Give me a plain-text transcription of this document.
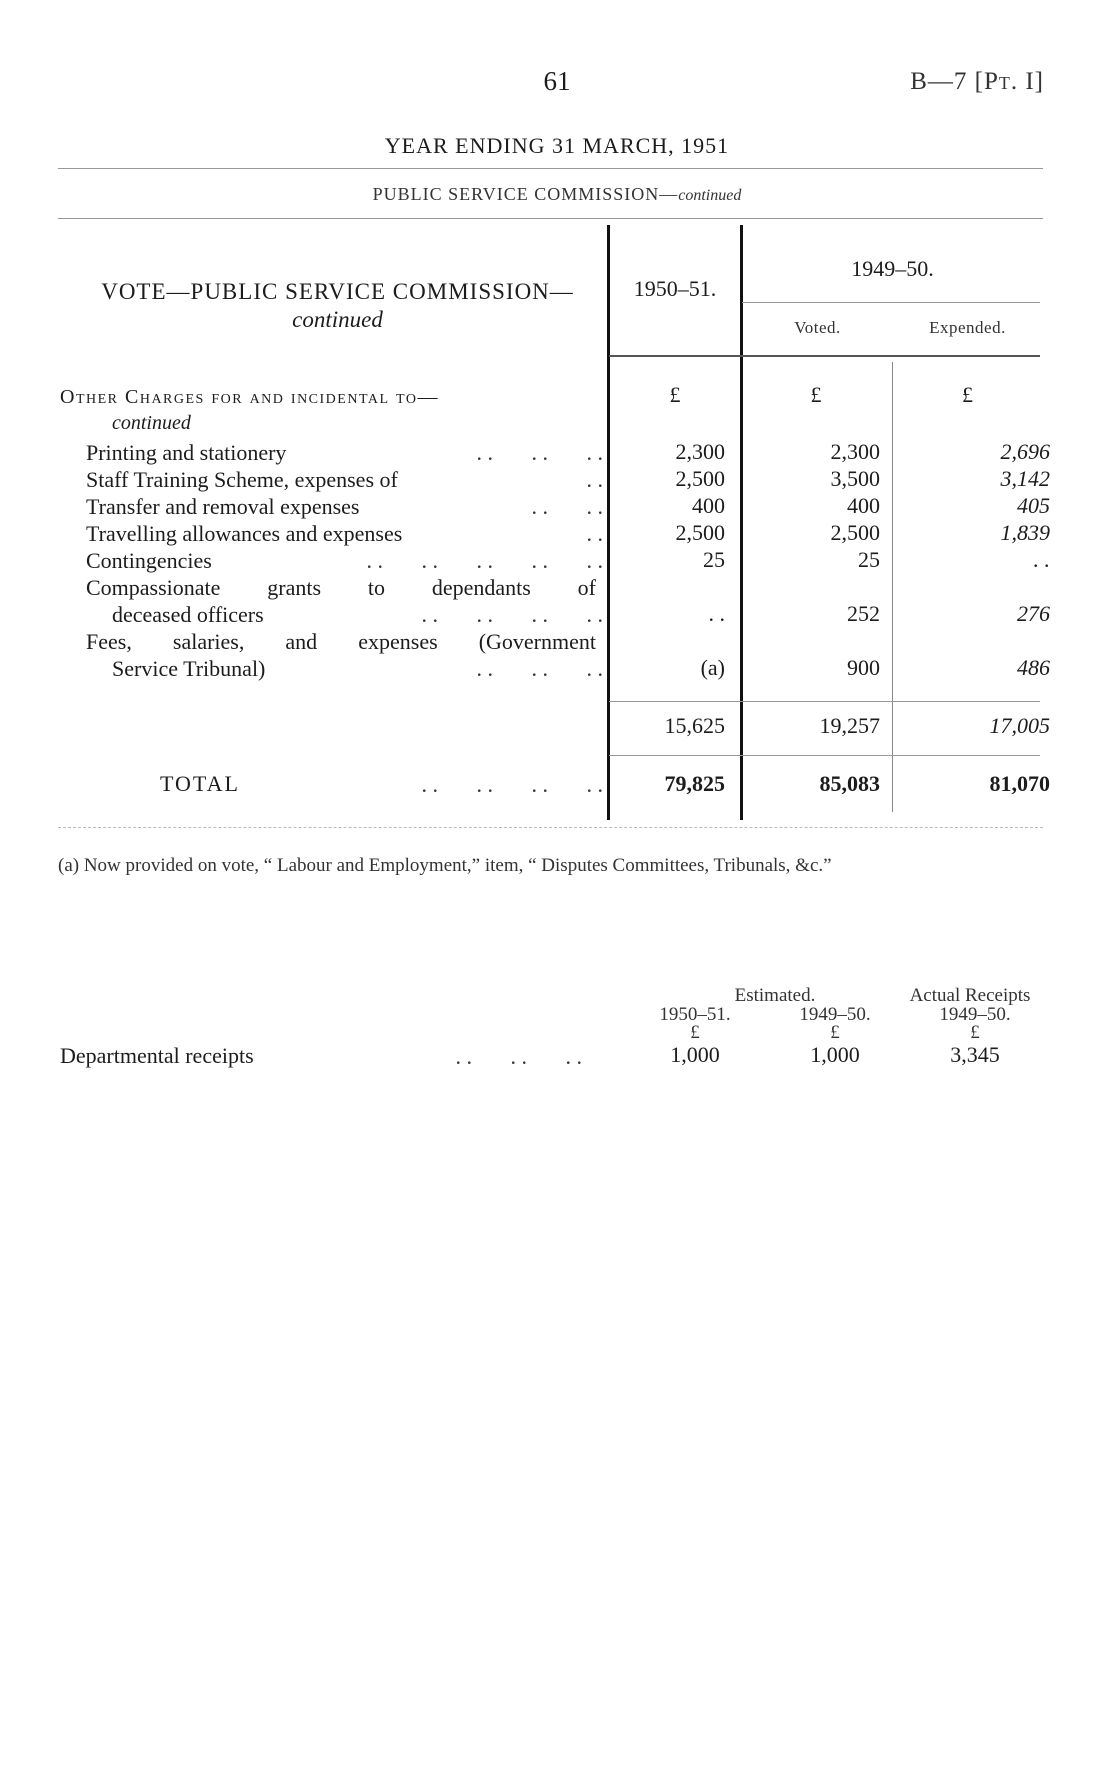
61	B—7 [Pt. I]
YEAR ENDING 31 MARCH, 1951
PUBLIC SERVICE COMMISSION—continued
VOTE—PUBLIC SERVICE COMMISSION—
continued
1950–51.
1949–50.
Voted.	Expended.
£	£	£
Other Charges for and incidental to—
continued
Printing and stationery	. .       . .       . .	2,300	2,300	2,696
Staff Training Scheme, expenses of	. .	2,500	3,500	3,142
Transfer and removal expenses	. .       . .	400	400	405
Travelling allowances and expenses	. .	2,500	2,500	1,839
Contingencies	. .       . .       . .       . .       . .	25	25	. .
Compassionate grants to dependants of
deceased officers	. .       . .       . .       . .	. .	252	276
Fees, salaries, and expenses (Government
Service Tribunal)	. .       . .       . .	(a)	900	486
15,625	19,257	17,005
TOTAL	. .       . .       . .       . .	79,825	85,083	81,070
(a) Now provided on vote, “ Labour and Employment,” item, “ Disputes Committees, Tribunals, &c.”
Estimated.	Actual Receipts
1950–51.	1949–50.	1949–50.
£	£	£
Departmental receipts	. .       . .       . .	1,000	1,000	3,345
